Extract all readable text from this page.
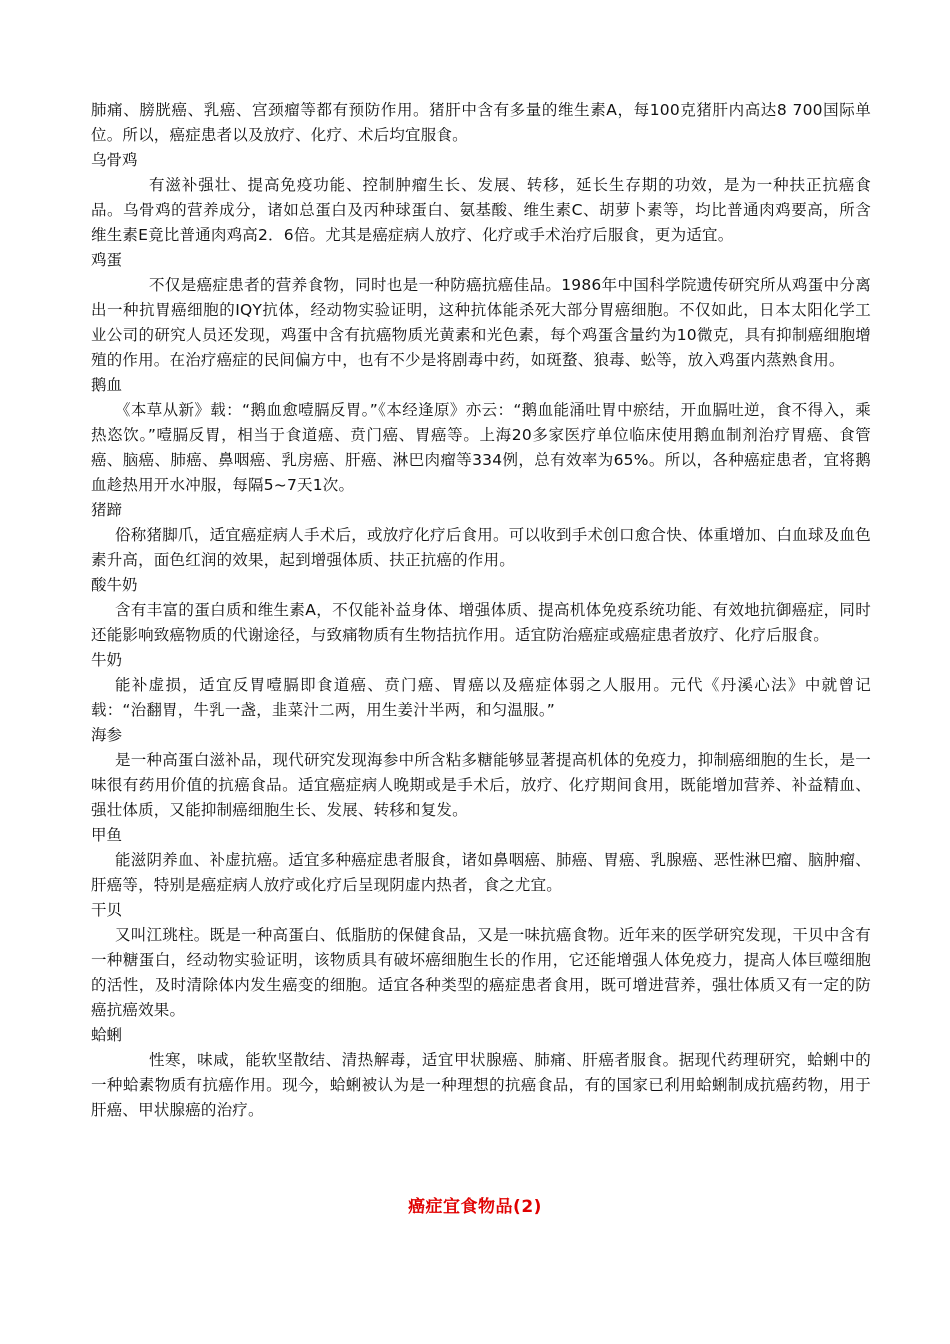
肺痛、膀胱癌、乳癌、宫颈瘤等都有预防作用。猪肝中含有多量的维生素A，每100克猪肝内高达8 700国际单位。所以，癌症患者以及放疗、化疗、术后均宜服食。

乌骨鸡

有滋补强壮、提高免疫功能、控制肿瘤生长、发展、转移，延长生存期的功效，是为一种扶正抗癌食品。乌骨鸡的营养成分，诸如总蛋白及丙种球蛋白、氨基酸、维生素C、胡萝卜素等，均比普通肉鸡要高，所含维生素E竟比普通肉鸡高2．6倍。尤其是癌症病人放疗、化疗或手术治疗后服食，更为适宜。

鸡蛋

不仅是癌症患者的营养食物，同时也是一种防癌抗癌佳品。1986年中国科学院遗传研究所从鸡蛋中分离出一种抗胃癌细胞的IQY抗体，经动物实验证明，这种抗体能杀死大部分胃癌细胞。不仅如此，日本太阳化学工业公司的研究人员还发现，鸡蛋中含有抗癌物质光黄素和光色素，每个鸡蛋含量约为10微克，具有抑制癌细胞增殖的作用。在治疗癌症的民间偏方中，也有不少是将剧毒中药，如斑蝥、狼毒、蚣等，放入鸡蛋内蒸熟食用。

鹅血

《本草从新》载：“鹅血愈噎膈反胃。”《本经逢原》亦云：“鹅血能涌吐胃中瘀结，开血膈吐逆，食不得入，乘热恣饮。”噎膈反胃，相当于食道癌、贲门癌、胃癌等。上海20多家医疗单位临床使用鹅血制剂治疗胃癌、食管癌、脑癌、肺癌、鼻咽癌、乳房癌、肝癌、淋巴肉瘤等334例，总有效率为65%。所以，各种癌症患者，宜将鹅血趁热用开水冲服，每隔5~7天1次。

猪蹄

俗称猪脚爪，适宜癌症病人手术后，或放疗化疗后食用。可以收到手术创口愈合快、体重增加、白血球及血色素升高，面色红润的效果，起到增强体质、扶正抗癌的作用。

酸牛奶

含有丰富的蛋白质和维生素A，不仅能补益身体、增强体质、提高机体免疫系统功能、有效地抗御癌症，同时还能影响致癌物质的代谢途径，与致痛物质有生物拮抗作用。适宜防治癌症或癌症患者放疗、化疗后服食。

牛奶

能补虚损，适宜反胃噎膈即食道癌、贲门癌、胃癌以及癌症体弱之人服用。元代《丹溪心法》中就曾记载：“治翻胃，牛乳一盏，韭菜汁二两，用生姜汁半两，和匀温服。”

海参

是一种高蛋白滋补品，现代研究发现海参中所含粘多糖能够显著提高机体的免疫力，抑制癌细胞的生长，是一味很有药用价值的抗癌食品。适宜癌症病人晚期或是手术后，放疗、化疗期间食用，既能增加营养、补益精血、强壮体质，又能抑制癌细胞生长、发展、转移和复发。

甲鱼

能滋阴养血、补虚抗癌。适宜多种癌症患者服食，诸如鼻咽癌、肺癌、胃癌、乳腺癌、恶性淋巴瘤、脑肿瘤、肝癌等，特别是癌症病人放疗或化疗后呈现阴虚内热者，食之尤宜。

干贝

又叫江珧柱。既是一种高蛋白、低脂肪的保健食品，又是一味抗癌食物。近年来的医学研究发现，干贝中含有一种糖蛋白，经动物实验证明，该物质具有破坏癌细胞生长的作用，它还能增强人体免疫力，提高人体巨噬细胞的活性，及时清除体内发生癌变的细胞。适宜各种类型的癌症患者食用，既可增进营养，强壮体质又有一定的防癌抗癌效果。

蛤蜊

性寒，味咸，能软坚散结、清热解毒，适宜甲状腺癌、肺痛、肝癌者服食。据现代药理研究，蛤蜊中的一种蛤素物质有抗癌作用。现今，蛤蜊被认为是一种理想的抗癌食品，有的国家已利用蛤蜊制成抗癌药物，用于肝癌、甲状腺癌的治疗。

癌症宜食物品(2)
